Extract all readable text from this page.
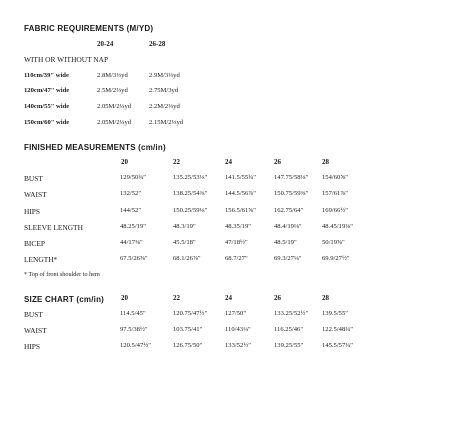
FABRIC REQUIREMENTS (M/YD)
20-24	26-28
WITH OR WITHOUT NAP
110cm/39" wide	2.8M/3⅓yd	2.9M/3⅓yd
120cm/47" wide	2.5M/2⅔yd	2.75M/3yd
140cm/55" wide	2.05M/2¼yd	2.2M/2⅓yd
150cm/60" wide	2.05M/2¼yd	2.15M/2⅓yd
FINISHED MEASUREMENTS (cm/in)
20	22	24	26	28
BUST	129/50¾"	135.25/53⅛"	141.5/55¾"	147.75/58⅛" 154/60⅝"
WAIST	132/52"	138.25/54⅜"	144.5/56⅞"	150.75/59⅜" 157/61⅞"
HIPS	144/52"	150.25/59⅛"	156.5/61⅝"	162.75/64"	169/66½"
SLEEVE LENGTH	48.25/19"	48.3/19"	48.35/19"	48.4/19⅛"	48.45/19⅛"
BICEP	44/17⅜"	45.5/18"	47/18½"	48.5/19"	50/19⅝"
LENGTH*	67.5/26⅝"	68.1/26⅞"	68.7/27"	69.3/27¼"	69.9/27½"
* Top of front shoulder to hem
SIZE CHART (cm/in) 20	22	24	26	28
BUST	114.5/45"	120.75/47½"	127/50"	133.25/52½" 139.5/55"
WAIST	97.5/38½"	103.75/41"	110/43¼"	116.25/46"	122.5/48¼"
HIPS	120.5/47½"	126.75/50"	133/52½"	139.25/55"	145.5/57¼"
